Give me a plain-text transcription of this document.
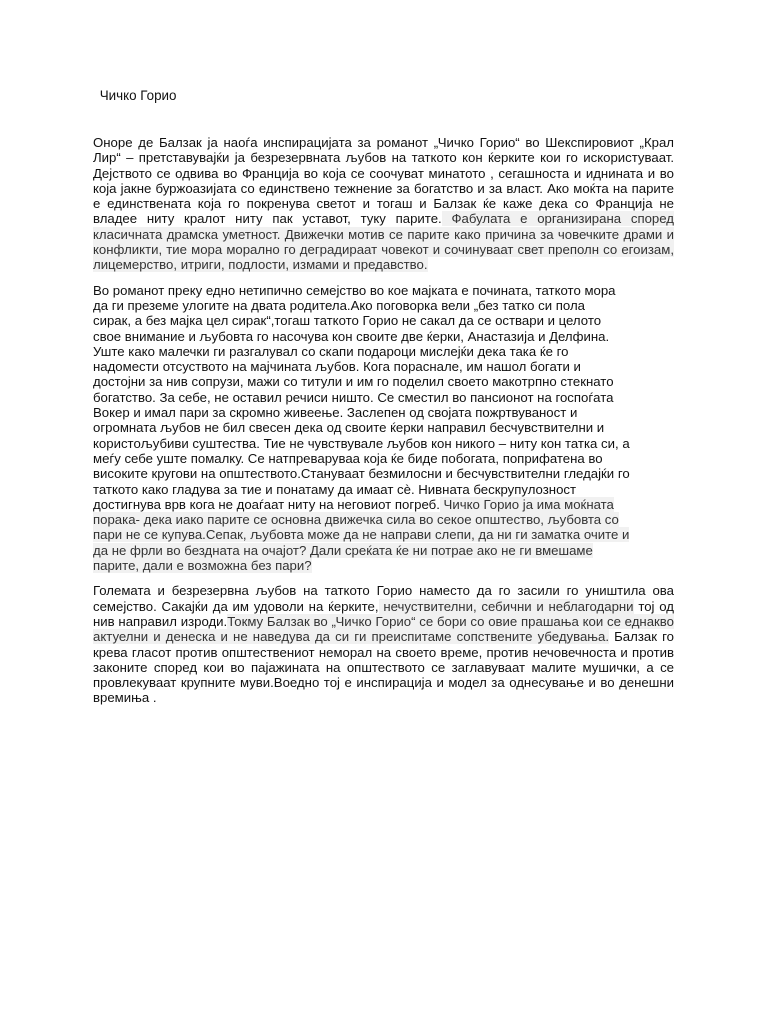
Чичко Горио

Оноре де Балзак ја наоѓа инспирацијата за романот „Чичко Горио“ во Шекспировиот „Крал Лир“ – претставувајќи ја безрезервната љубов на таткото кон ќерките кои го искористуваат. Дејството се одвива во Франција во која се соочуват минатото , сегашноста и иднината и во која јакне буржоазијата со единствено тежнение за богатство и за власт. Ако моќта на парите е единствената која го покренува светот и тогаш и Балзак ќе каже дека со Франција не владее ниту кралот ниту пак уставот, туку парите. Фабулата е организирана според класичната драмска уметност. Движечки мотив се парите како причина за човечките драми и конфликти, тие мора морално го деградираат човекот и сочинуваат свет преполн со егоизам, лицемерство, итриги, подлости, измами и предавство.

Во романот преку едно нетипично семејство во кое мајката е почината, таткото мора
да ги преземе улогите на двата родитела.Ако поговорка вели „без татко си пола
сирак, а без мајка цел сирак“,тогаш таткото Горио не сакал да се оствари и целото
свое внимание и љубовта го насочува кон своите две ќерки, Анастазија и Делфина.
Уште како малечки ги разгалувал со скапи подароци мислејќи дека така ќе го
надомести отсуството на мајчината љубов. Кога пораснале, им нашол богати и
достојни за нив сопрузи, мажи со титули и им го поделил своето макотрпно стекнато
богатство. За себе, не оставил речиси ништо. Се сместил во пансионот на госпоѓата
Вокер и имал пари за скромно живеење. Заслепен од својата пожртвуваност и
огромната љубов не бил свесен дека од своите ќерки направил бесчувствителни и
користољубиви суштества. Тие не чувствувале љубов кон никого – ниту кон татка си, а
меѓу себе уште помалку. Се натпреваруваа која ќе биде побогата, поприфатена во
високите кругови на општеството.Стануваат безмилосни и бесчувствителни гледајќи го
таткото како гладува за тие и понатаму да имаат сè. Нивната бескрупулозност
достигнува врв кога не доаѓаат ниту на неговиот погреб. Чичко Горио ја има моќната
порака- дека иако парите се основна движечка сила во секое општество, љубовта со
пари не се купува.Сепак, љубовта може да не направи слепи, да ни ги заматка очите и
да не фрли во бездната на очајот? Дали среќата ќе ни потрае ако не ги вмешаме
парите, дали е возможна без пари?

Големата и безрезервна љубов на таткото Горио наместо да го засили го уништила ова семејство. Сакајќи да им удоволи на ќерките, нечуствителни, себични и неблагодарни тој од нив направил изроди.Токму Балзак во „Чичко Горио“ се бори со овие прашања кои се еднакво актуелни и денеска и не наведува да си ги преиспитаме сопствените убедувања. Балзак го крева гласот против општествениот неморал на своето време, против нечовечноста и против законите според кои во пајажината на општеството се заглавуваат малите мушички, а се провлекуваат крупните муви.Воедно тој е инспирација и модел за однесување и во денешни времиња .
